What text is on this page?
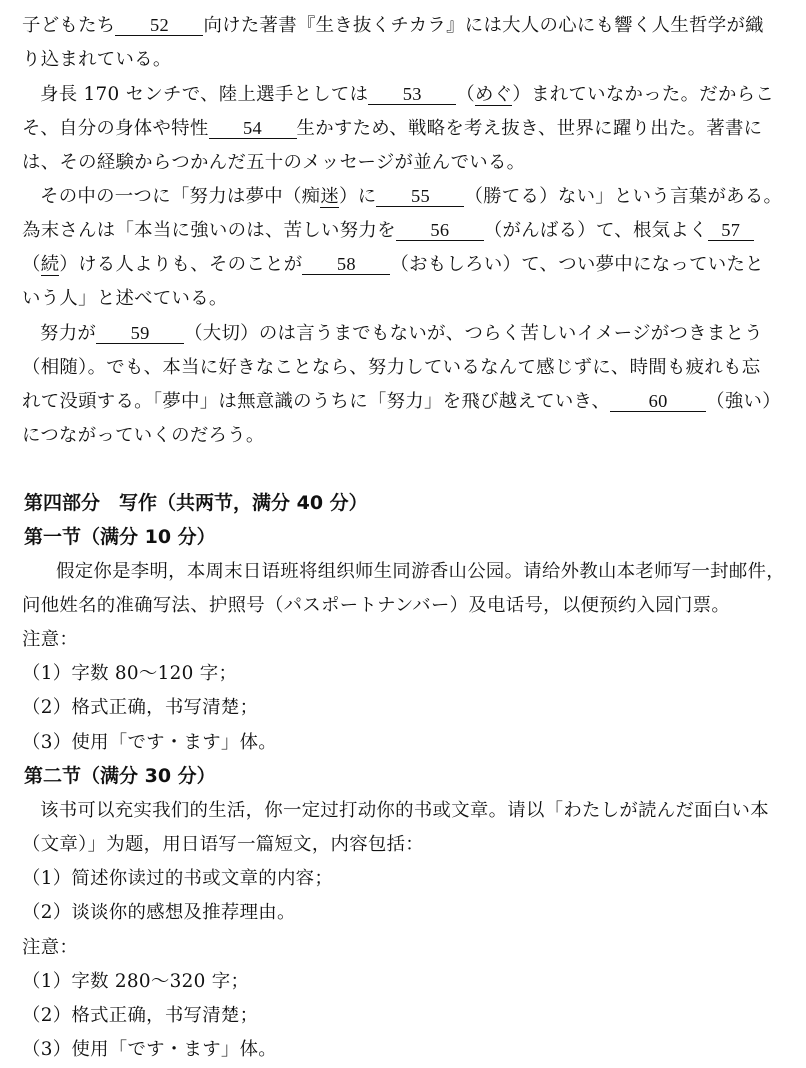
子どもたち 52 向けた著書『生き抜くチカラ』には大人の心にも響く人生哲学が織
り込まれている。
身長 170 センチで、陸上選手としては 53 （めぐ）まれていなかった。だからこ
そ、自分の身体や特性 54 生かすため、戦略を考え抜き、世界に躍り出た。著書に
は、その経験からつかんだ五十のメッセージが並んでいる。
その中の一つに「努力は夢中（痴迷）に 55 （勝てる）ない」という言葉がある。
為末さんは「本当に強いのは、苦しい努力を 56 （がんばる）て、根気よく 57
（続）ける人よりも、そのことが 58 （おもしろい）て、つい夢中になっていたと
いう人」と述べている。
努力が 59 （大切）のは言うまでもないが、つらく苦しいイメージがつきまとう
（相随）。でも、本当に好きなことなら、努力しているなんて感じずに、時間も疲れも忘
れて没頭する。「夢中」は無意識のうちに「努力」を飛び越えていき、 60 （強い）
につながっていくのだろう。
第四部分　写作（共两节，满分 40 分）
第一节（满分 10 分）
假定你是李明，本周末日语班将组织师生同游香山公园。请给外教山本老师写一封邮件，
问他姓名的准确写法、护照号（パスポートナンバー）及电话号，以便预约入园门票。
注意：
（1）字数 80～120 字；
（2）格式正确，书写清楚；
（3）使用「です・ます」体。
第二节（满分 30 分）
该书可以充实我们的生活，你一定过打动你的书或文章。请以「わたしが読んだ面白い本
（文章）」为题，用日语写一篇短文，内容包括：
（1）简述你读过的书或文章的内容；
（2）谈谈你的感想及推荐理由。
注意：
（1）字数 280～320 字；
（2）格式正确，书写清楚；
（3）使用「です・ます」体。
